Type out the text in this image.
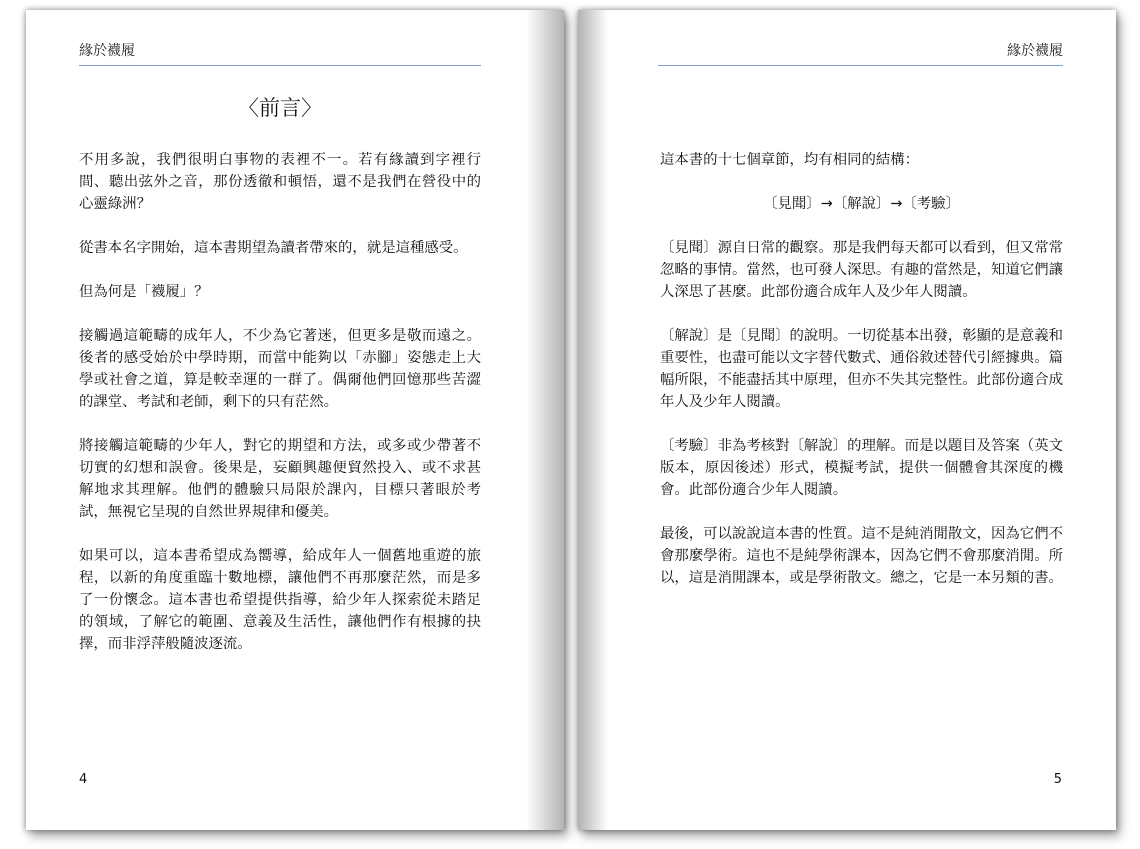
緣於襪履
〈前言〉

不用多說，我們很明白事物的表裡不一。若有緣讀到字裡行間、聽出弦外之音，那份透徹和頓悟，還不是我們在營役中的心靈綠洲？

從書本名字開始，這本書期望為讀者帶來的，就是這種感受。

但為何是「襪履」？

接觸過這範疇的成年人，不少為它著迷，但更多是敬而遠之。後者的感受始於中學時期，而當中能夠以「赤腳」姿態走上大學或社會之道，算是較幸運的一群了。偶爾他們回憶那些苦澀的課堂、考試和老師，剩下的只有茫然。

將接觸這範疇的少年人，對它的期望和方法，或多或少帶著不切實的幻想和誤會。後果是，妄顧興趣便貿然投入、或不求甚解地求其理解。他們的體驗只局限於課內，目標只著眼於考試，無視它呈現的自然世界規律和優美。

如果可以，這本書希望成為嚮導，給成年人一個舊地重遊的旅程，以新的角度重臨十數地標，讓他們不再那麼茫然，而是多了一份懷念。這本書也希望提供指導，給少年人探索從未踏足的領域，了解它的範圍、意義及生活性，讓他們作有根據的抉擇，而非浮萍般隨波逐流。

4
緣於襪履

這本書的十七個章節，均有相同的結構：

〔見聞〕→〔解說〕→〔考驗〕

〔見聞〕源自日常的觀察。那是我們每天都可以看到，但又常常忽略的事情。當然，也可發人深思。有趣的當然是，知道它們讓人深思了甚麼。此部份適合成年人及少年人閱讀。

〔解說〕是〔見聞〕的說明。一切從基本出發，彰顯的是意義和重要性，也盡可能以文字替代數式、通俗敘述替代引經據典。篇幅所限，不能盡括其中原理，但亦不失其完整性。此部份適合成年人及少年人閱讀。

〔考驗〕非為考核對〔解說〕的理解。而是以題目及答案（英文版本，原因後述）形式，模擬考試，提供一個體會其深度的機會。此部份適合少年人閱讀。

最後，可以說說這本書的性質。這不是純消閒散文，因為它們不會那麼學術。這也不是純學術課本，因為它們不會那麼消閒。所以，這是消閒課本，或是學術散文。總之，它是一本另類的書。

5
